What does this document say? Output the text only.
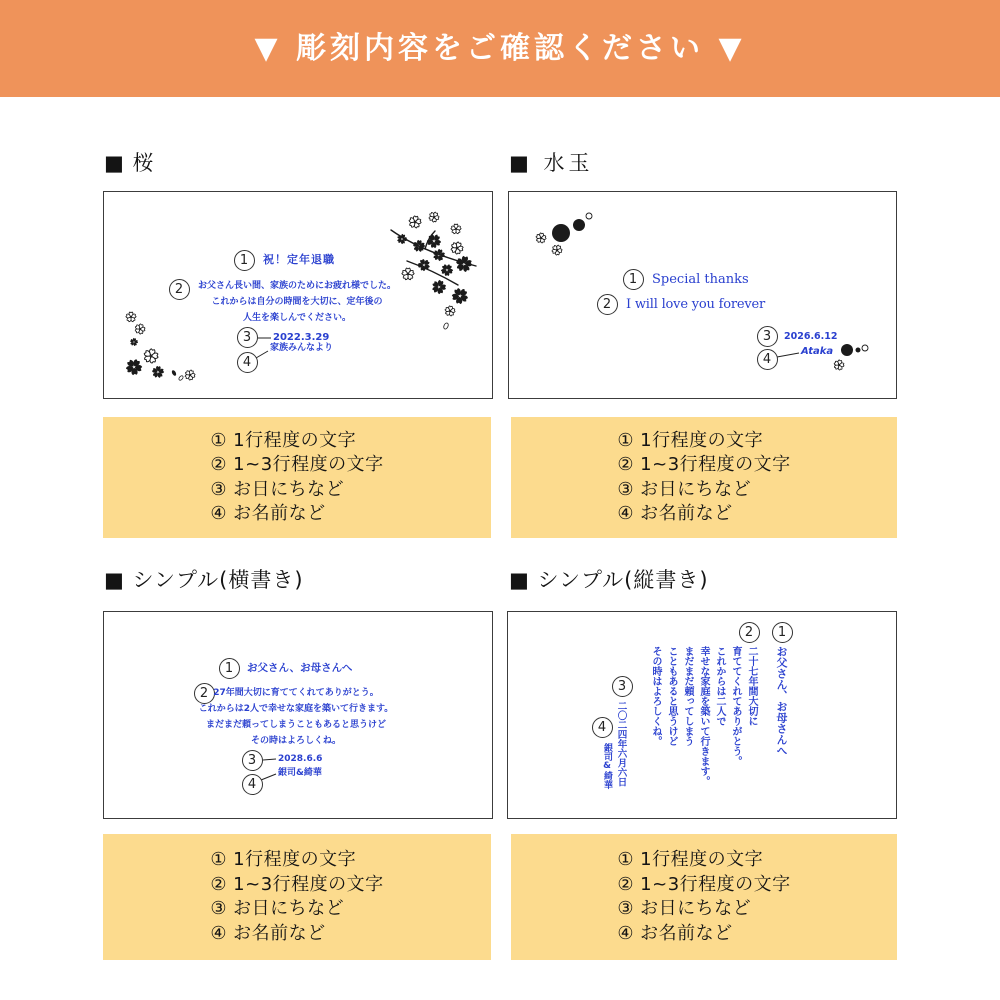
▼ 彫刻内容をご確認ください ▼
■ 桜
1
2
3
4
祝！定年退職
お父さん長い間、家族のためにお疲れ様でした。
これからは自分の時間を大切に、定年後の
人生を楽しんでください。
2022.3.29
家族みんなより
① 1行程度の文字
② 1~3行程度の文字
③ お日にちなど
④ お名前など
■ 水玉
1
2
3
4
Special thanks
I will love you forever
2026.6.12
Ataka
① 1行程度の文字
② 1~3行程度の文字
③ お日にちなど
④ お名前など
■ シンプル(横書き)
1
2
3
4
お父さん、お母さんへ
27年間大切に育ててくれてありがとう。
これからは2人で幸せな家庭を築いて行きます。
まだまだ頼ってしまうこともあると思うけど
その時はよろしくね。
2028.6.6
銀司&綺華
① 1行程度の文字
② 1~3行程度の文字
③ お日にちなど
④ お名前など
■ シンプル(縦書き)
1
2
3
4	お父さん、お母さんへ
二十七年間大切に
育ててくれてありがとう。
これからは二人で
幸せな家庭を築いて行きます。
まだまだ頼ってしまう
こともあると思うけど
その時はよろしくね。
二〇二四年六月六日
銀司&綺華
① 1行程度の文字
② 1~3行程度の文字
③ お日にちなど
④ お名前など
